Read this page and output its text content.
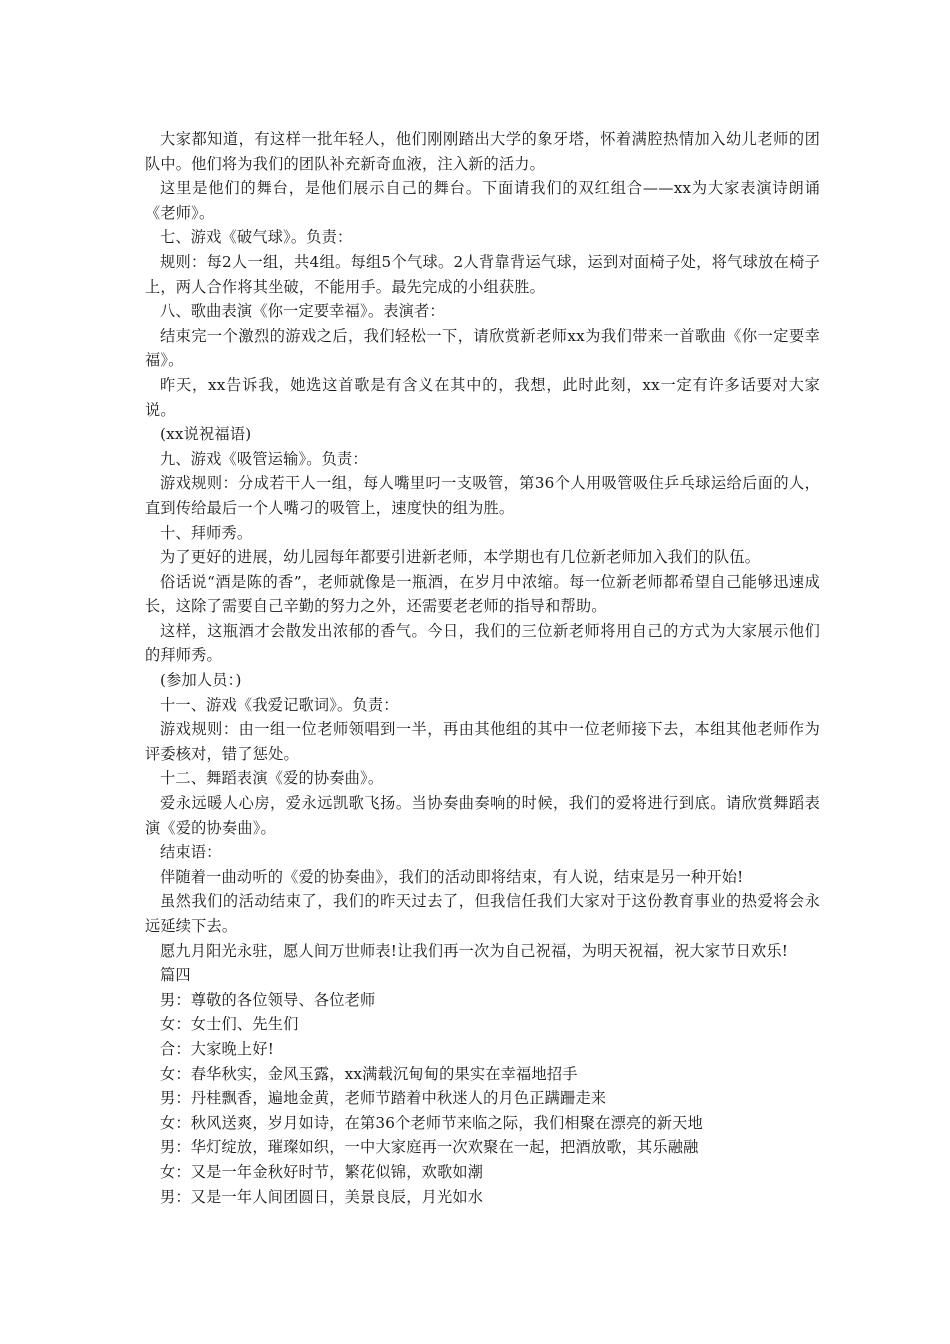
大家都知道，有这样一批年轻人，他们刚刚踏出大学的象牙塔，怀着满腔热情加入幼儿老师的团队中。他们将为我们的团队补充新奇血液，注入新的活力。

这里是他们的舞台，是他们展示自己的舞台。下面请我们的双红组合——xx为大家表演诗朗诵《老师》。

七、游戏《破气球》。负责：

规则：每2人一组，共4组。每组5个气球。2人背靠背运气球，运到对面椅子处，将气球放在椅子上，两人合作将其坐破，不能用手。最先完成的小组获胜。

八、歌曲表演《你一定要幸福》。表演者：

结束完一个激烈的游戏之后，我们轻松一下，请欣赏新老师xx为我们带来一首歌曲《你一定要幸福》。

昨天，xx告诉我，她选这首歌是有含义在其中的，我想，此时此刻，xx一定有许多话要对大家说。

(xx说祝福语)

九、游戏《吸管运输》。负责：

游戏规则：分成若干人一组，每人嘴里叼一支吸管，第36个人用吸管吸住乒乓球运给后面的人，直到传给最后一个人嘴刁的吸管上，速度快的组为胜。

十、拜师秀。

为了更好的进展，幼儿园每年都要引进新老师，本学期也有几位新老师加入我们的队伍。

俗话说“酒是陈的香”，老师就像是一瓶酒，在岁月中浓缩。每一位新老师都希望自己能够迅速成长，这除了需要自己辛勤的努力之外，还需要老老师的指导和帮助。

这样，这瓶酒才会散发出浓郁的香气。今日，我们的三位新老师将用自己的方式为大家展示他们的拜师秀。

(参加人员：)

十一、游戏《我爱记歌词》。负责：

游戏规则：由一组一位老师领唱到一半，再由其他组的其中一位老师接下去，本组其他老师作为评委核对，错了惩处。

十二、舞蹈表演《爱的协奏曲》。

爱永远暖人心房，爱永远凯歌飞扬。当协奏曲奏响的时候，我们的爱将进行到底。请欣赏舞蹈表演《爱的协奏曲》。

结束语：

伴随着一曲动听的《爱的协奏曲》，我们的活动即将结束，有人说，结束是另一种开始!

虽然我们的活动结束了，我们的昨天过去了，但我信任我们大家对于这份教育事业的热爱将会永远延续下去。

愿九月阳光永驻，愿人间万世师表!让我们再一次为自己祝福，为明天祝福，祝大家节日欢乐!

篇四

男：尊敬的各位领导、各位老师

女：女士们、先生们

合：大家晚上好!

女：春华秋实，金风玉露，xx满载沉甸甸的果实在幸福地招手

男：丹桂飘香，遍地金黄，老师节踏着中秋迷人的月色正蹒跚走来

女：秋风送爽，岁月如诗，在第36个老师节来临之际，我们相聚在漂亮的新天地

男：华灯绽放，璀璨如织，一中大家庭再一次欢聚在一起，把酒放歌，其乐融融

女：又是一年金秋好时节，繁花似锦，欢歌如潮

男：又是一年人间团圆日，美景良辰，月光如水
